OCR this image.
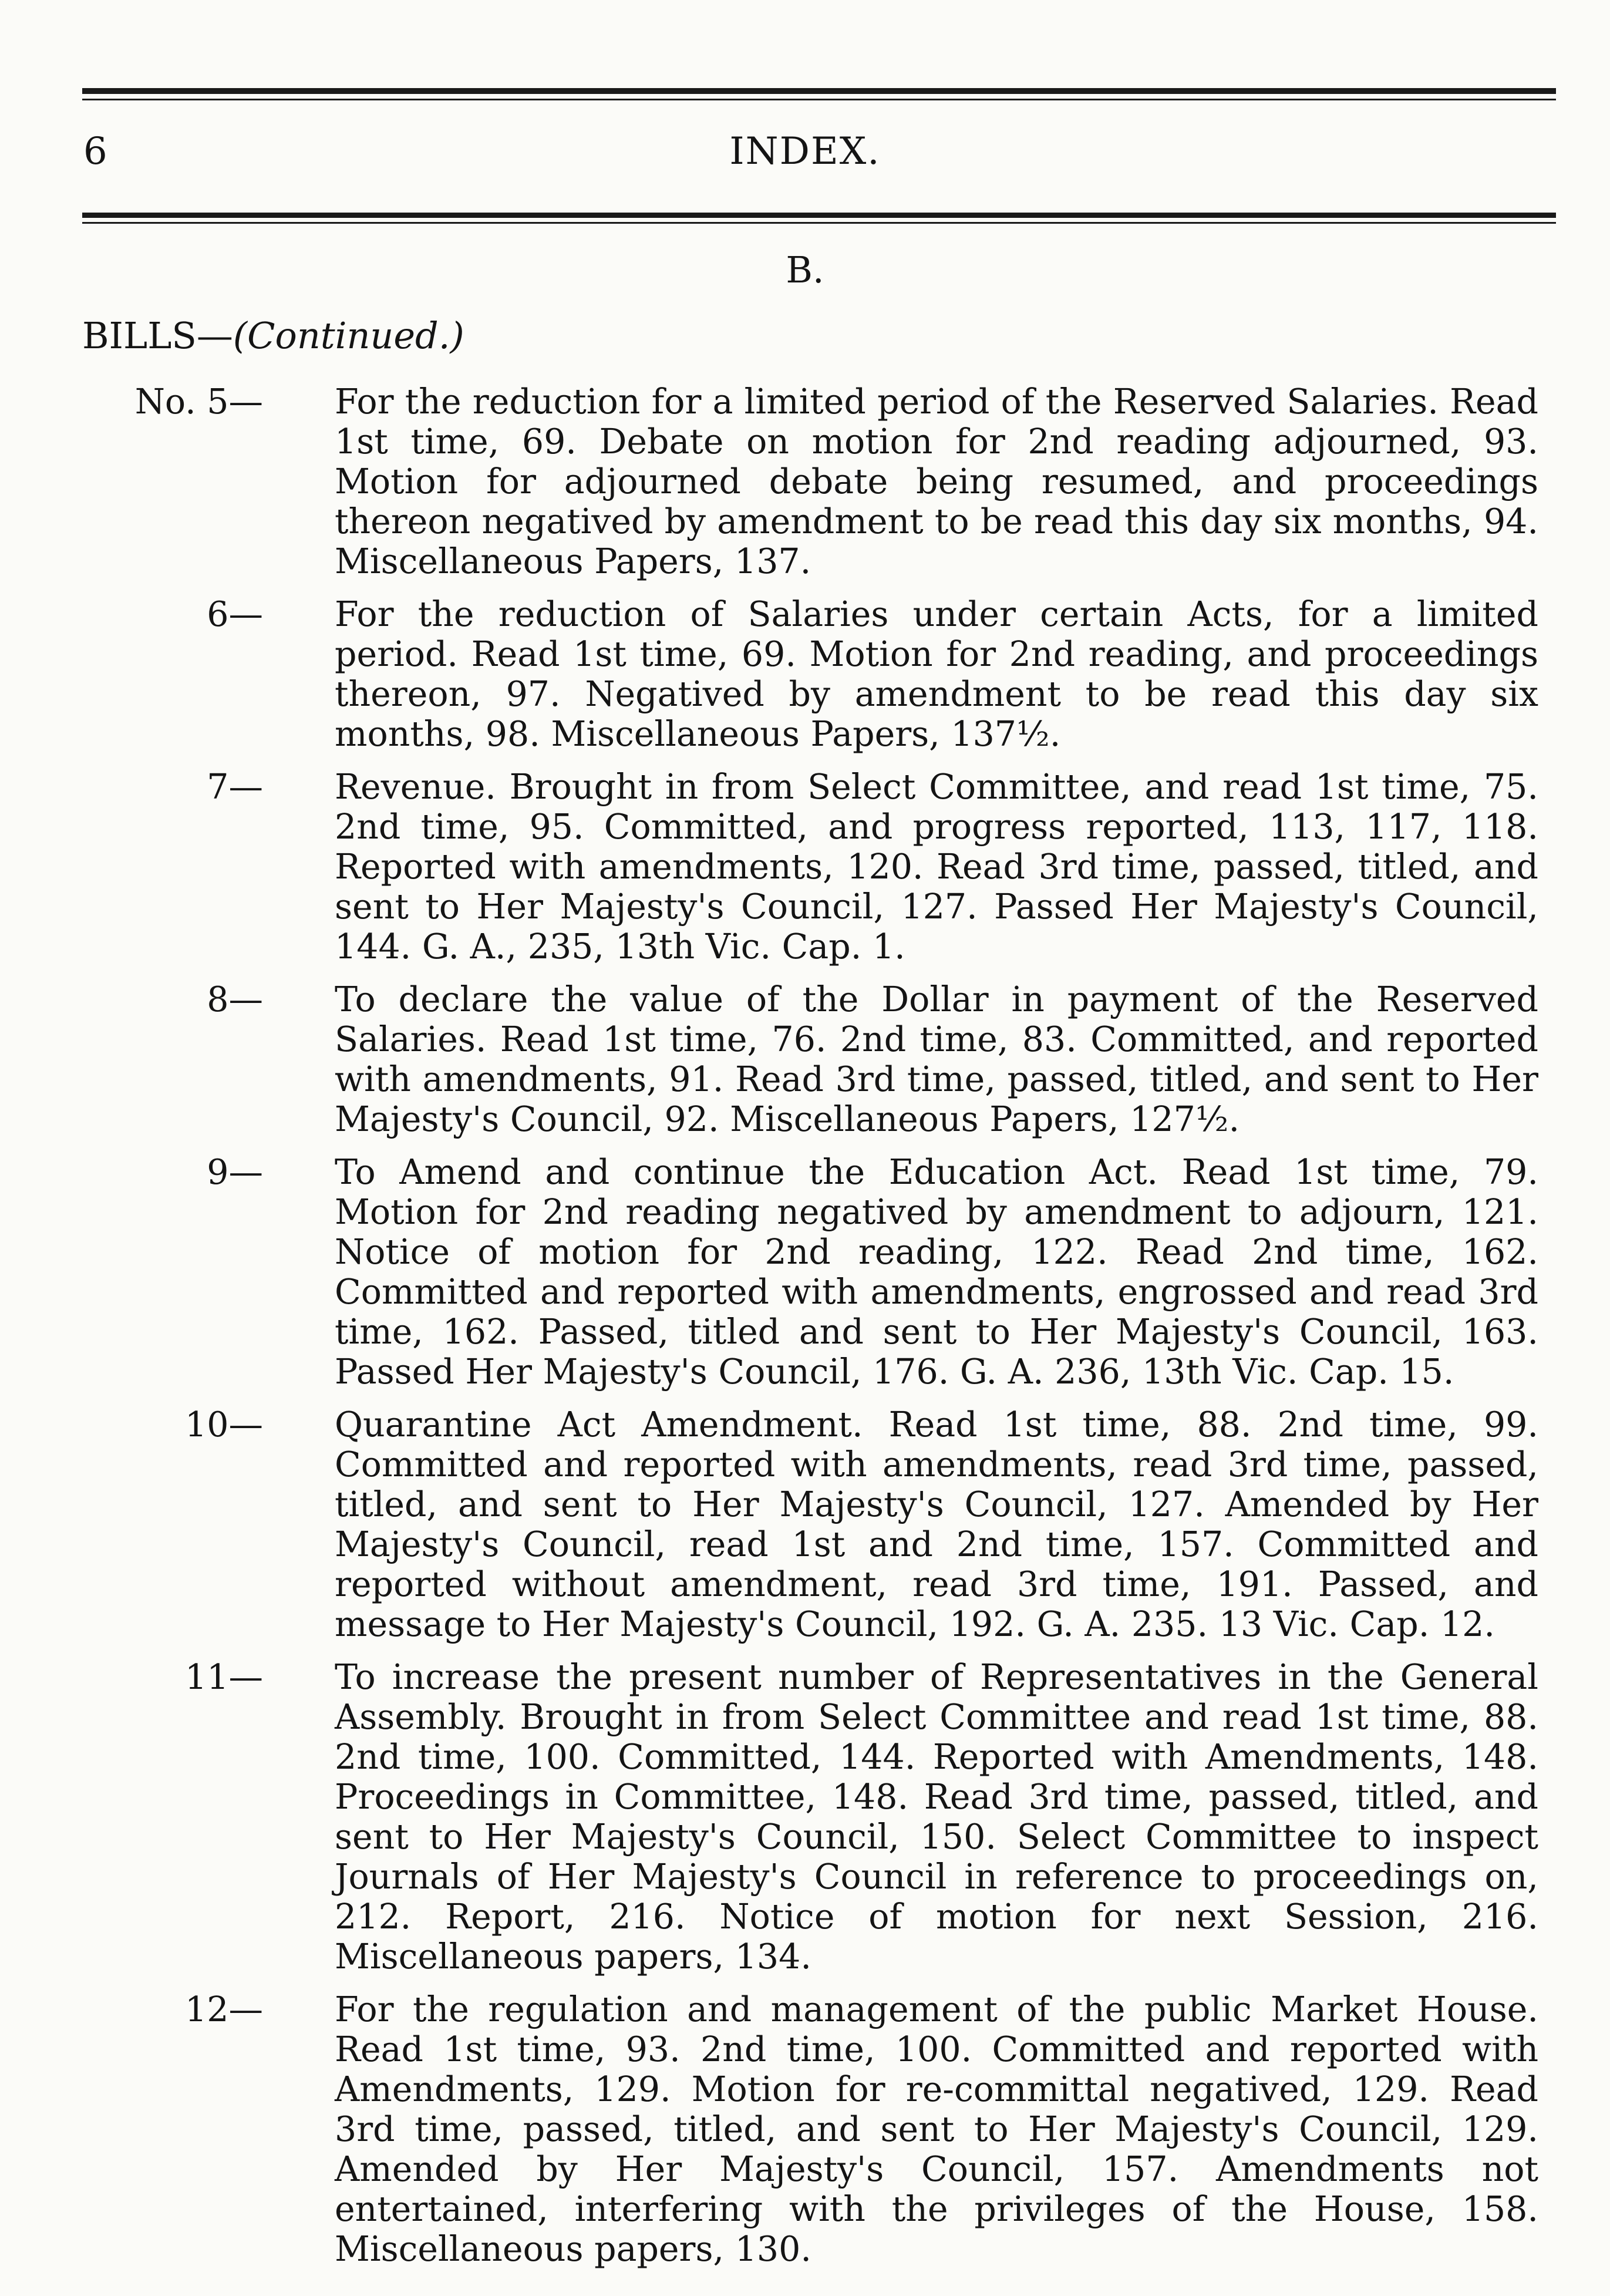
6	INDEX.
B.
BILLS—(Continued.)
No. 5— For the reduction for a limited period of the Reserved Salaries. Read 1st time, 69. Debate on motion for 2nd reading adjourned, 93. Motion for adjourned debate being resumed, and proceedings thereon negatived by amendment to be read this day six months, 94. Miscellaneous Papers, 137.
6— For the reduction of Salaries under certain Acts, for a limited period. Read 1st time, 69. Motion for 2nd reading, and proceedings thereon, 97. Negatived by amendment to be read this day six months, 98. Miscellaneous Papers, 137½.
7— Revenue. Brought in from Select Committee, and read 1st time, 75. 2nd time, 95. Committed, and progress reported, 113, 117, 118. Reported with amendments, 120. Read 3rd time, passed, titled, and sent to Her Majesty's Council, 127. Passed Her Majesty's Council, 144. G. A., 235, 13th Vic. Cap. 1.
8— To declare the value of the Dollar in payment of the Reserved Salaries. Read 1st time, 76. 2nd time, 83. Committed, and reported with amendments, 91. Read 3rd time, passed, titled, and sent to Her Majesty's Council, 92. Miscellaneous Papers, 127½.
9— To Amend and continue the Education Act. Read 1st time, 79. Motion for 2nd reading negatived by amendment to adjourn, 121. Notice of motion for 2nd reading, 122. Read 2nd time, 162. Committed and reported with amendments, engrossed and read 3rd time, 162. Passed, titled and sent to Her Majesty's Council, 163. Passed Her Majesty's Council, 176. G. A. 236, 13th Vic. Cap. 15.
10— Quarantine Act Amendment. Read 1st time, 88. 2nd time, 99. Committed and reported with amendments, read 3rd time, passed, titled, and sent to Her Majesty's Council, 127. Amended by Her Majesty's Council, read 1st and 2nd time, 157. Committed and reported without amendment, read 3rd time, 191. Passed, and message to Her Majesty's Council, 192. G. A. 235. 13 Vic. Cap. 12.
11— To increase the present number of Representatives in the General Assembly. Brought in from Select Committee and read 1st time, 88. 2nd time, 100. Committed, 144. Reported with Amendments, 148. Proceedings in Committee, 148. Read 3rd time, passed, titled, and sent to Her Majesty's Council, 150. Select Committee to inspect Journals of Her Majesty's Council in reference to proceedings on, 212. Report, 216. Notice of motion for next Session, 216. Miscellaneous papers, 134.
12— For the regulation and management of the public Market House. Read 1st time, 93. 2nd time, 100. Committed and reported with Amendments, 129. Motion for re-committal negatived, 129. Read 3rd time, passed, titled, and sent to Her Majesty's Council, 129. Amended by Her Majesty's Council, 157. Amendments not entertained, interfering with the privileges of the House, 158. Miscellaneous papers, 130.
